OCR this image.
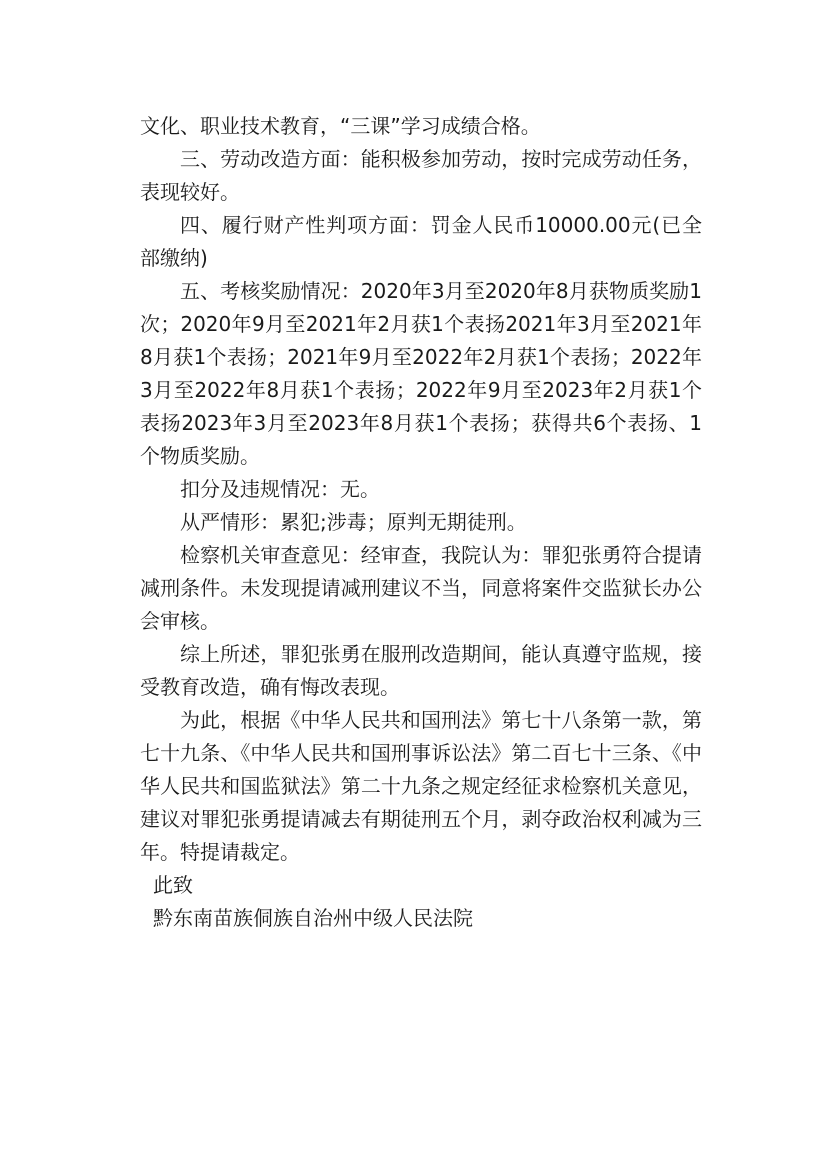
文化、职业技术教育，“三课”学习成绩合格。

三、劳动改造方面：能积极参加劳动，按时完成劳动任务，表现较好。

四、履行财产性判项方面：罚金人民币10000.00元(已全部缴纳)

五、考核奖励情况：2020年3月至2020年8月获物质奖励1次；2020年9月至2021年2月获1个表扬2021年3月至2021年8月获1个表扬；2021年9月至2022年2月获1个表扬；2022年3月至2022年8月获1个表扬；2022年9月至2023年2月获1个表扬2023年3月至2023年8月获1个表扬；获得共6个表扬、1个物质奖励。

扣分及违规情况：无。

从严情形：累犯;涉毒；原判无期徒刑。

检察机关审查意见：经审查，我院认为：罪犯张勇符合提请减刑条件。未发现提请减刑建议不当，同意将案件交监狱长办公会审核。

综上所述，罪犯张勇在服刑改造期间，能认真遵守监规，接受教育改造，确有悔改表现。

为此，根据《中华人民共和国刑法》第七十八条第一款，第七十九条、《中华人民共和国刑事诉讼法》第二百七十三条、《中华人民共和国监狱法》第二十九条之规定经征求检察机关意见，建议对罪犯张勇提请减去有期徒刑五个月，剥夺政治权利减为三年。特提请裁定。

此致

黔东南苗族侗族自治州中级人民法院
